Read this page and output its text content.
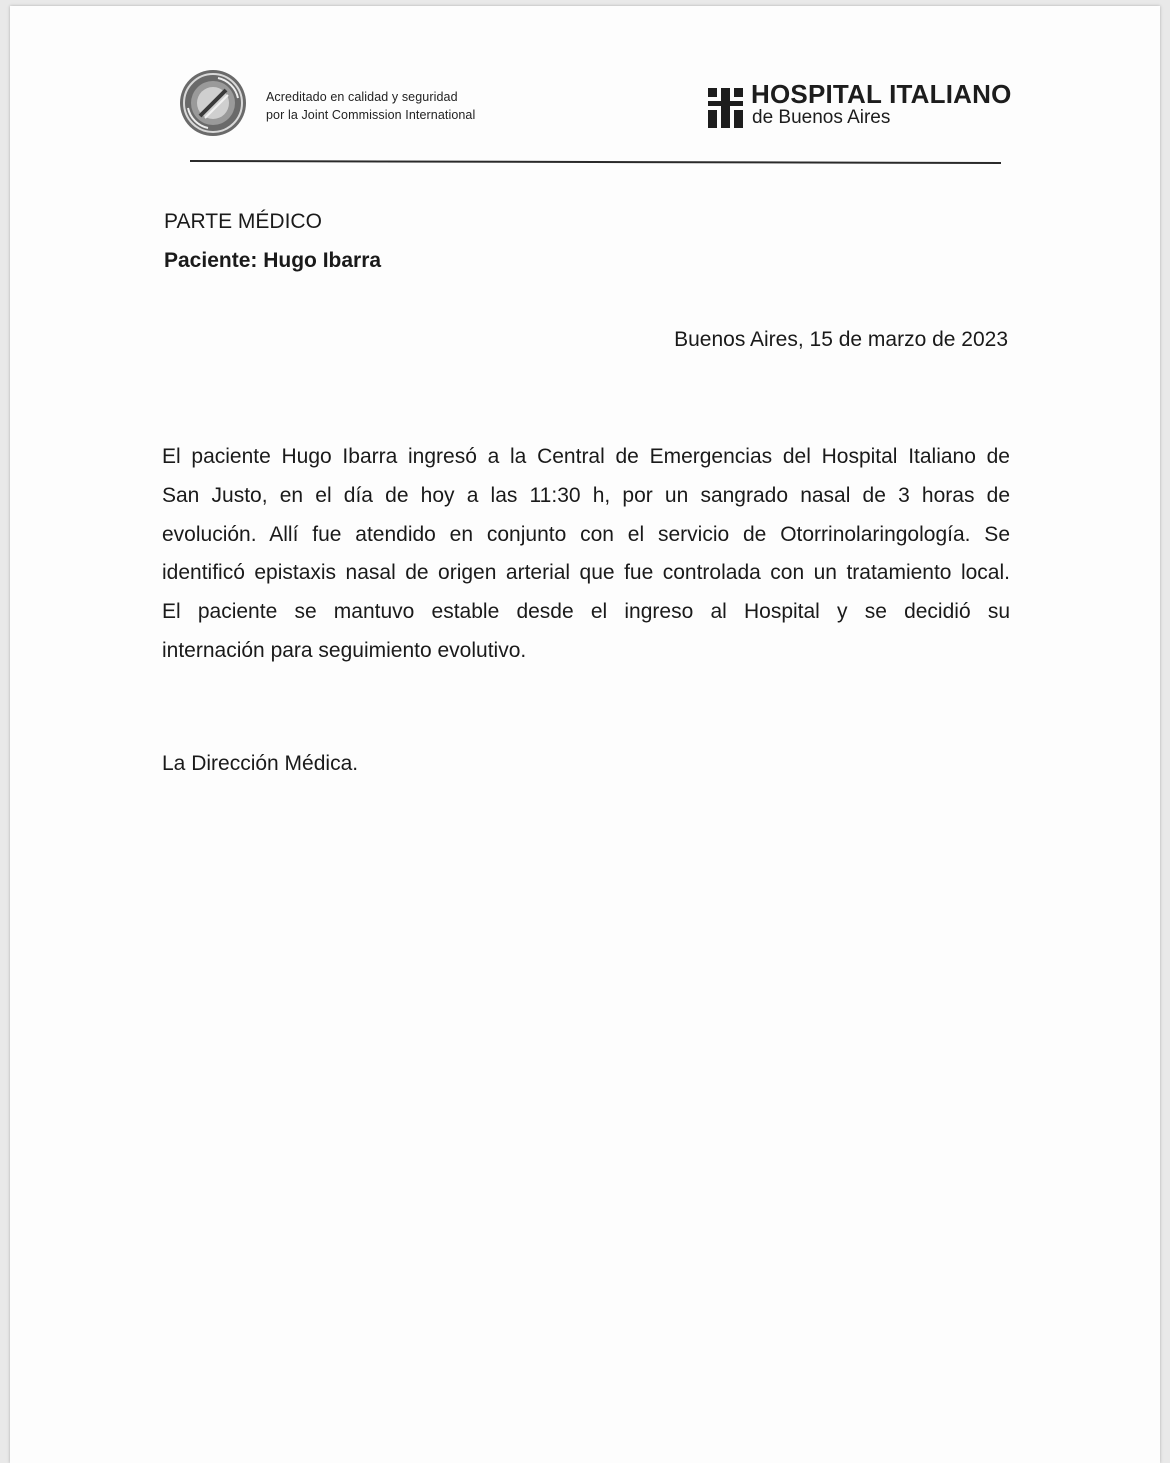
Acreditado en calidad y seguridad
por la Joint Commission International
HOSPITAL ITALIANO
de Buenos Aires
PARTE MÉDICO
Paciente: Hugo Ibarra
Buenos Aires, 15 de marzo de 2023
El paciente Hugo Ibarra ingresó a la Central de Emergencias del Hospital Italiano de
San Justo, en el día de hoy a las 11:30 h, por un sangrado nasal de 3 horas de
evolución. Allí fue atendido en conjunto con el servicio de Otorrinolaringología. Se
identificó epistaxis nasal de origen arterial que fue controlada con un tratamiento local.
El paciente se mantuvo estable desde el ingreso al Hospital y se decidió su
internación para seguimiento evolutivo.
La Dirección Médica.
